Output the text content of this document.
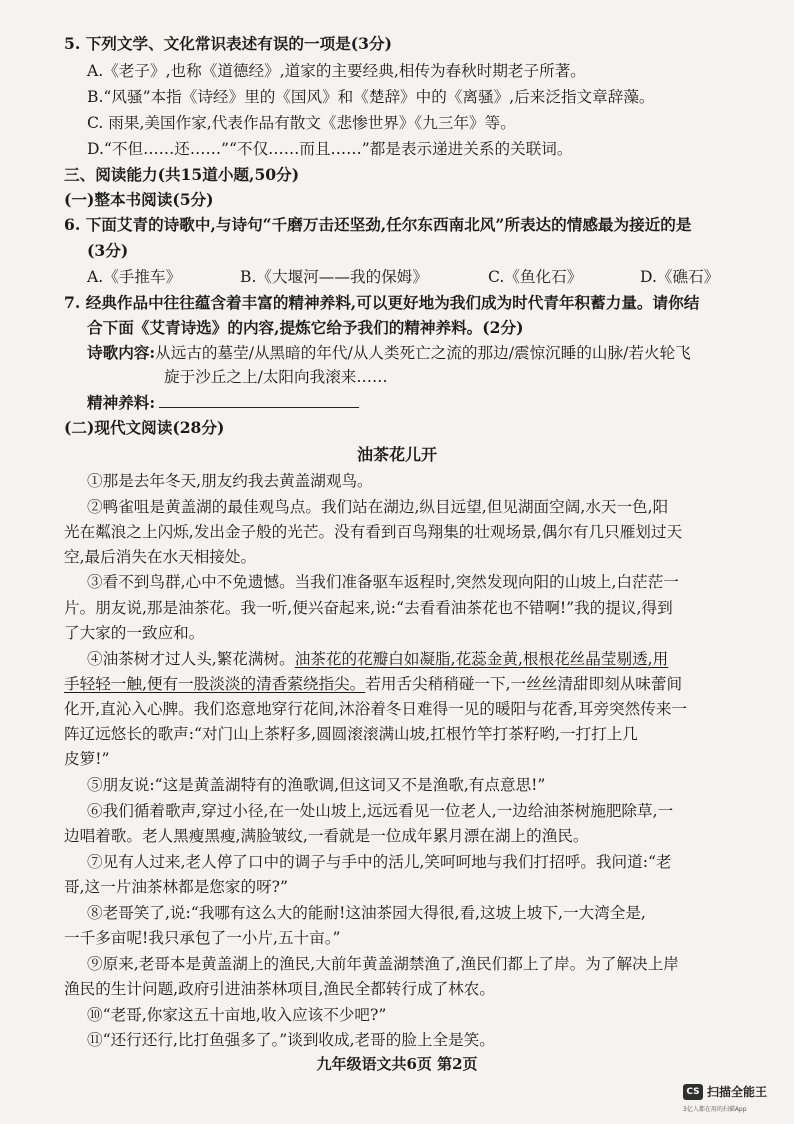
5. 下列文学、文化常识表述有误的一项是(3分)
A.《老子》,也称《道德经》,道家的主要经典,相传为春秋时期老子所著。
B.“风骚”本指《诗经》里的《国风》和《楚辞》中的《离骚》,后来泛指文章辞藻。
C. 雨果,美国作家,代表作品有散文《悲惨世界》《九三年》等。
D.“不但……还……”“不仅……而且……”都是表示递进关系的关联词。
三、阅读能力(共15道小题,50分)
(一)整本书阅读(5分)
6. 下面艾青的诗歌中,与诗句“千磨万击还坚劲,任尔东西南北风”所表达的情感最为接近的是
(3分)
A.《手推车》	B.《大堰河——我的保姆》	C.《鱼化石》	D.《礁石》
7. 经典作品中往往蕴含着丰富的精神养料,可以更好地为我们成为时代青年积蓄力量。请你结
合下面《艾青诗选》的内容,提炼它给予我们的精神养料。(2分)
诗歌内容:从远古的墓茔/从黑暗的年代/从人类死亡之流的那边/震惊沉睡的山脉/若火轮飞
旋于沙丘之上/太阳向我滚来……
精神养料:
(二)现代文阅读(28分)
油茶花儿开
①那是去年冬天,朋友约我去黄盖湖观鸟。
②鸭雀咀是黄盖湖的最佳观鸟点。我们站在湖边,纵目远望,但见湖面空阔,水天一色,阳
光在粼浪之上闪烁,发出金子般的光芒。没有看到百鸟翔集的壮观场景,偶尔有几只雁划过天
空,最后消失在水天相接处。
③看不到鸟群,心中不免遗憾。当我们准备驱车返程时,突然发现向阳的山坡上,白茫茫一
片。朋友说,那是油茶花。我一听,便兴奋起来,说:“去看看油茶花也不错啊!”我的提议,得到
了大家的一致应和。
④油茶树才过人头,繁花满树。油茶花的花瓣白如凝脂,花蕊金黄,根根花丝晶莹剔透,用
手轻轻一触,便有一股淡淡的清香萦绕指尖。若用舌尖稍稍碰一下,一丝丝清甜即刻从味蕾间
化开,直沁入心脾。我们恣意地穿行花间,沐浴着冬日难得一见的暖阳与花香,耳旁突然传来一
阵辽远悠长的歌声:“对门山上茶籽多,圆圆滚滚满山坡,扛根竹竿打茶籽哟,一打打上几
皮箩!”
⑤朋友说:“这是黄盖湖特有的渔歌调,但这词又不是渔歌,有点意思!”
⑥我们循着歌声,穿过小径,在一处山坡上,远远看见一位老人,一边给油茶树施肥除草,一
边唱着歌。老人黑瘦黑瘦,满脸皱纹,一看就是一位成年累月漂在湖上的渔民。
⑦见有人过来,老人停了口中的调子与手中的活儿,笑呵呵地与我们打招呼。我问道:“老
哥,这一片油茶林都是您家的呀?”
⑧老哥笑了,说:“我哪有这么大的能耐!这油茶园大得很,看,这坡上坡下,一大湾全是,
一千多亩呢!我只承包了一小片,五十亩。”
⑨原来,老哥本是黄盖湖上的渔民,大前年黄盖湖禁渔了,渔民们都上了岸。为了解决上岸
渔民的生计问题,政府引进油茶林项目,渔民全都转行成了林农。
⑩“老哥,你家这五十亩地,收入应该不少吧?”
⑪“还行还行,比打鱼强多了。”谈到收成,老哥的脸上全是笑。
九年级语文共6页 第2页
CS 扫描全能王
3亿人都在用的扫描App
